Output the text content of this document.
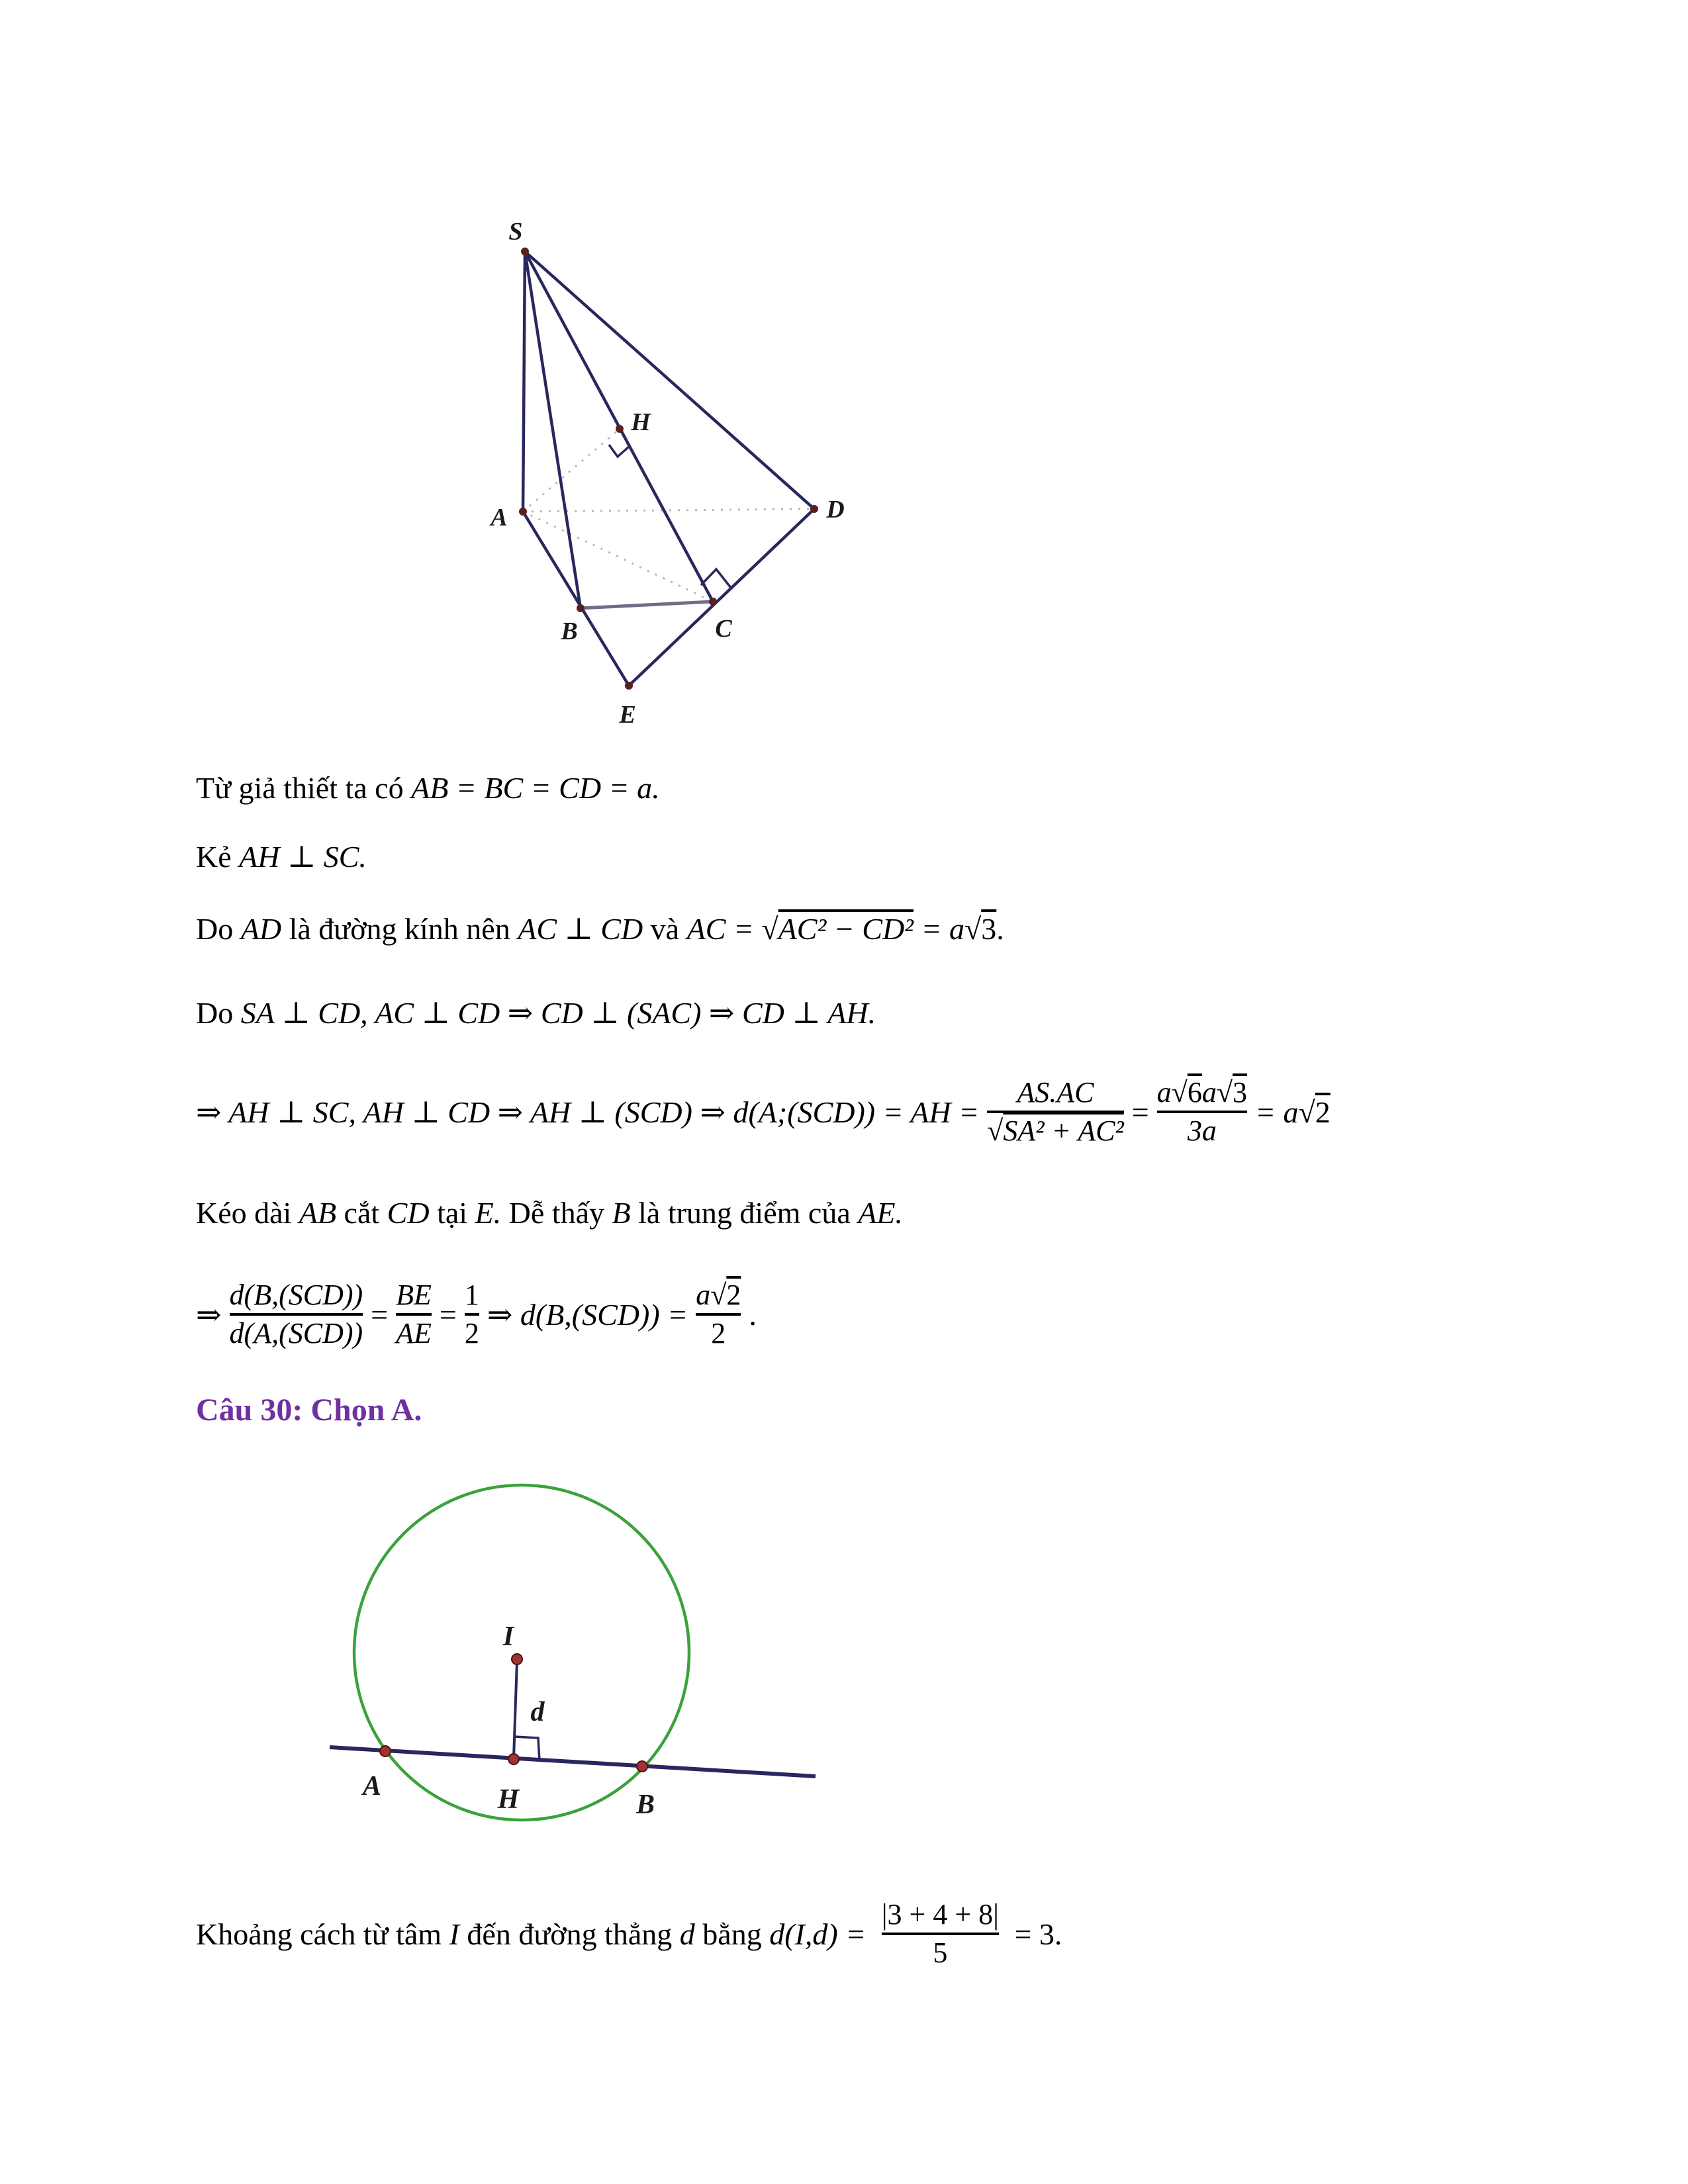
S
A
B	C
D
E
H
Từ giả thiết ta có AB = BC = CD = a.
Kẻ AH ⊥ SC.
Do AD là đường kính nên AC ⊥ CD và AC = √ AC² − CD² = a √ 3 .
Do SA ⊥ CD, AC ⊥ CD ⇒ CD ⊥ (SAC) ⇒ CD ⊥ AH.
⇒ AH ⊥ SC, AH ⊥ CD ⇒ AH ⊥ (SCD) ⇒ d(A;(SCD)) = AH = $\frac{AS.AC}{\text{√SA² + AC²}} = \frac{a√6a√3}{3a} = a√2$
Kéo dài AB cắt CD tại E. Dễ thấy B là trung điểm của AE.
⇒ $\frac{\text{d(B,(SCD))}}{\text{d(A,(SCD))}} = \frac{BE}{AE} = \frac{1}{2}$ ⇒ $d(B,(SCD)) = \frac{a√2}{2}$ .
Câu 30: Chọn A.
I
d
A	H	B
Khoảng cách từ tâm I đến đường thẳng d bằng $d(I,d) = \frac{|3 + 4 + 8|}{5} = 3$.
